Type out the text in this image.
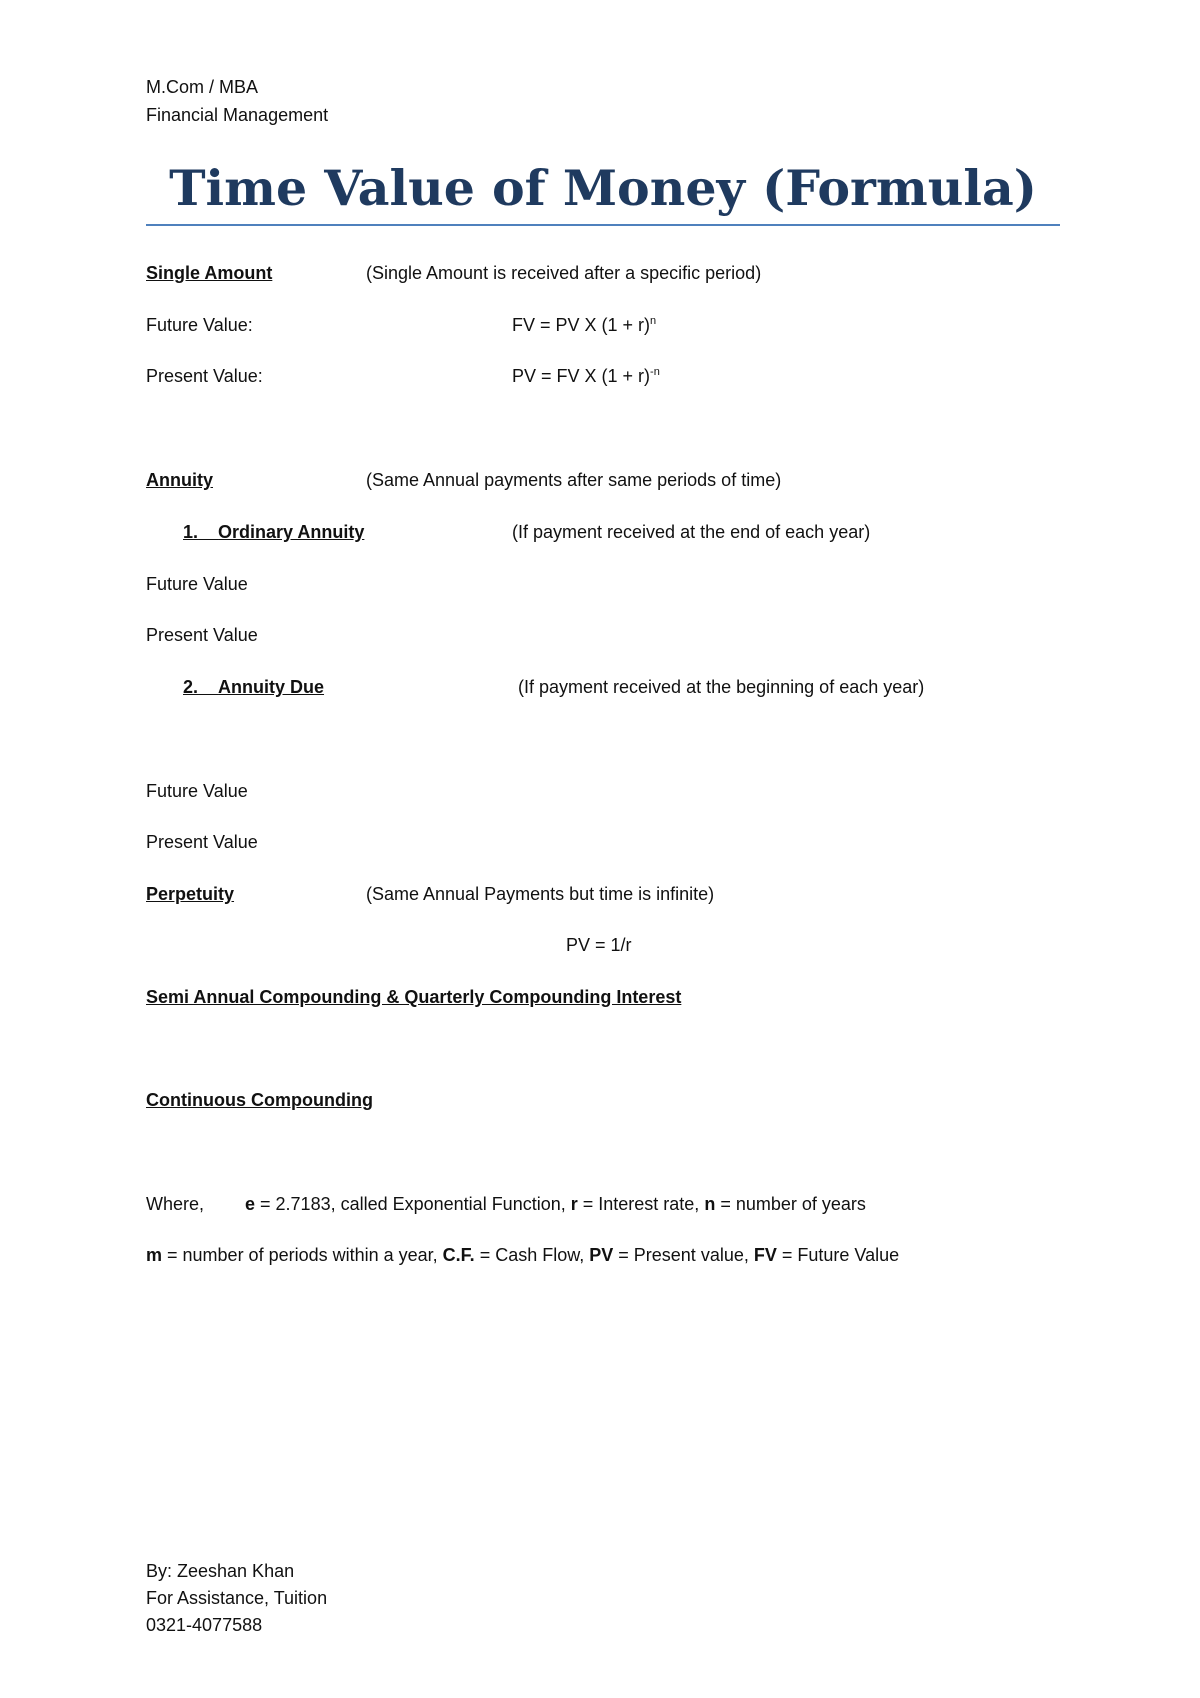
M.Com / MBA
Financial Management
Time Value of Money (Formula)
Single Amount	(Single Amount is received after a specific period)
Future Value:	FV = PV X $(1 + r)^n$
Present Value:	PV = FV X $(1 + r)^{-n}$
Annuity	(Same Annual payments after same periods of time)
1. Ordinary Annuity	(If payment received at the end of each year)
Future Value
Present Value
2. Annuity Due	(If payment received at the beginning of each year)
Future Value
Present Value
Perpetuity	(Same Annual Payments but time is infinite)
PV = 1/r
Semi Annual Compounding & Quarterly Compounding Interest
Continuous Compounding
Where, e = 2.7183, called Exponential Function, r = Interest rate, n = number of years
m = number of periods within a year, C.F. = Cash Flow, PV = Present value, FV = Future Value
By: Zeeshan Khan
For Assistance, Tuition
0321-4077588
